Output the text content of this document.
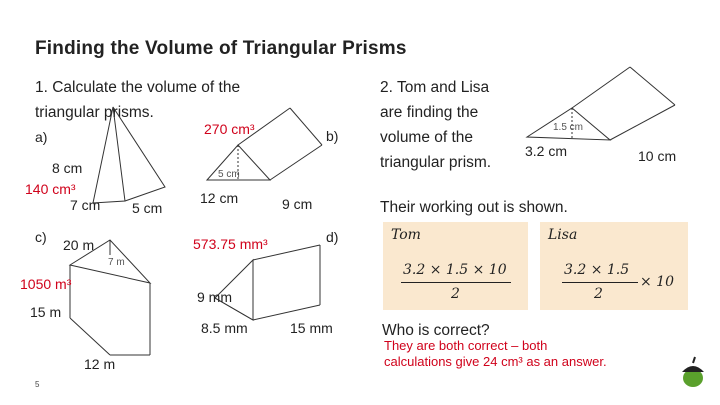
Finding the Volume of Triangular Prisms
1. Calculate the volume of the
triangular prisms.
a)
8 cm
140 cm³
7 cm 5 cm
270 cm³	b)
5 cm
12 cm	9 cm
c) 20 m
7 m
1050 m³
15 m
12 m
573.75 mm³	d)
9 mm
8.5 mm	15 mm
2. Tom and Lisa
are finding the
volume of the
triangular prism.
1.5 cm
3.2 cm	10 cm
Their working out is shown.
Tom
3.2 × 1.5 × 10
2
Lisa
3.2 × 1.5
2
× 10
Who is correct?
They are both correct – both
calculations give 24 cm³ as an answer.
5
